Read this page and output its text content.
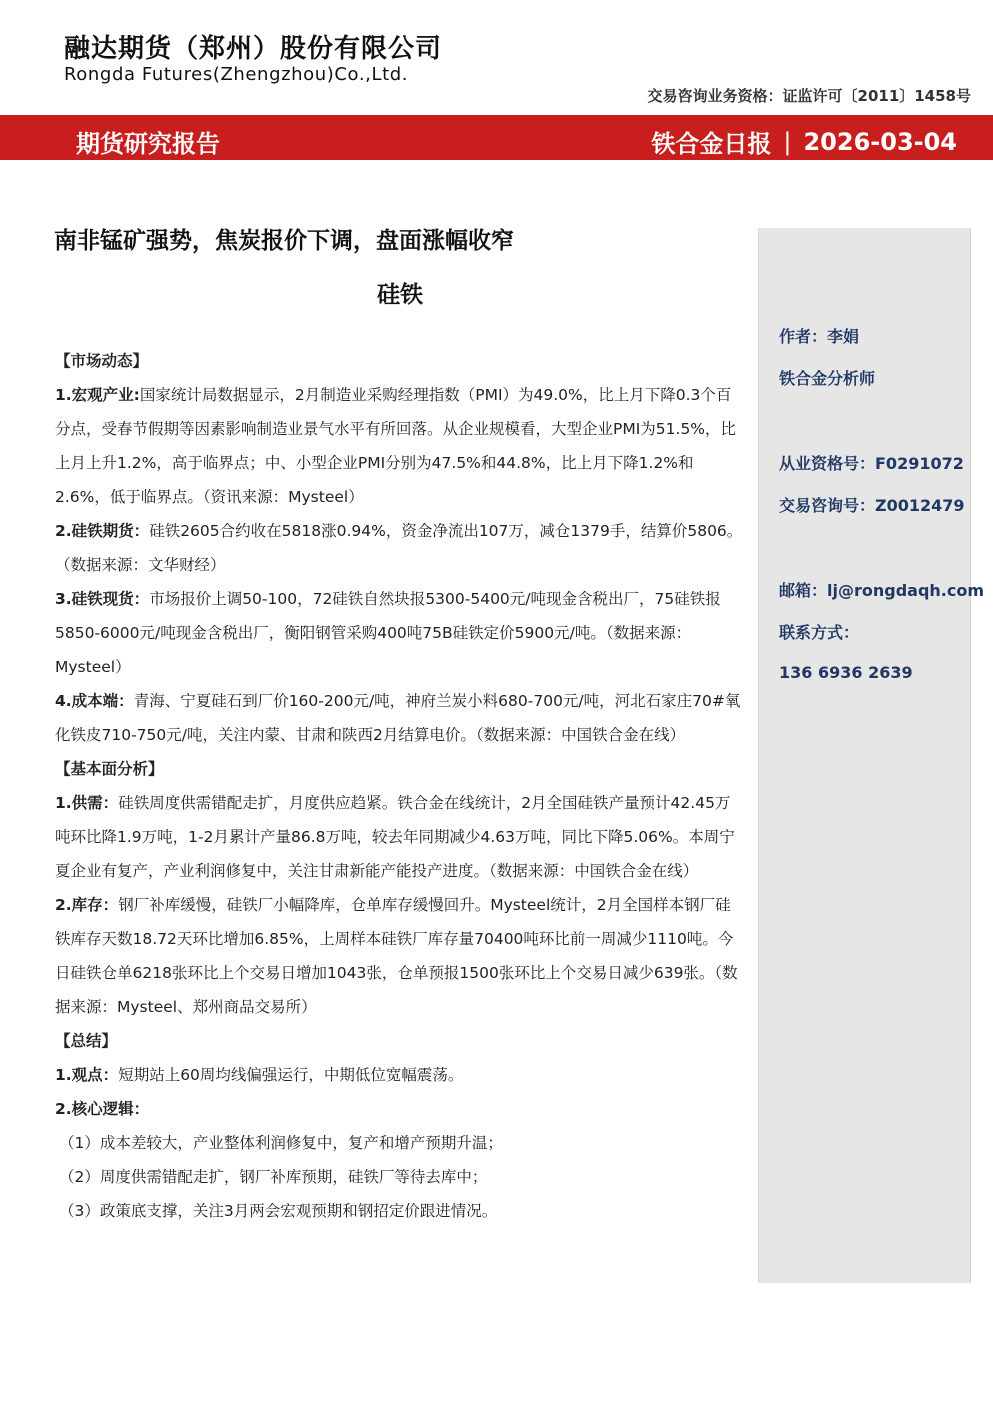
融达期货（郑州）股份有限公司
Rongda Futures(Zhengzhou)Co.,Ltd.
交易咨询业务资格：证监许可〔2011〕1458号
期货研究报告	铁合金日报 | 2026-03-04
南非锰矿强势，焦炭报价下调，盘面涨幅收窄
硅铁

【市场动态】

1.宏观产业:国家统计局数据显示，2月制造业采购经理指数（PMI）为49.0%，比上月下降0.3个百分点，受春节假期等因素影响制造业景气水平有所回落。从企业规模看，大型企业PMI为51.5%，比上月上升1.2%，高于临界点；中、小型企业PMI分别为47.5%和44.8%，比上月下降1.2%和2.6%，低于临界点。（资讯来源：Mysteel）

2.硅铁期货：硅铁2605合约收在5818涨0.94%，资金净流出107万，减仓1379手，结算价5806。（数据来源：文华财经）

3.硅铁现货：市场报价上调50-100，72硅铁自然块报5300-5400元/吨现金含税出厂，75硅铁报5850-6000元/吨现金含税出厂，衡阳钢管采购400吨75B硅铁定价5900元/吨。（数据来源：Mysteel）

4.成本端：青海、宁夏硅石到厂价160-200元/吨，神府兰炭小料680-700元/吨，河北石家庄70#氧化铁皮710-750元/吨，关注内蒙、甘肃和陕西2月结算电价。（数据来源：中国铁合金在线）

【基本面分析】

1.供需：硅铁周度供需错配走扩，月度供应趋紧。铁合金在线统计，2月全国硅铁产量预计42.45万吨环比降1.9万吨，1-2月累计产量86.8万吨，较去年同期减少4.63万吨，同比下降5.06%。本周宁夏企业有复产，产业利润修复中，关注甘肃新能产能投产进度。（数据来源：中国铁合金在线）

2.库存：钢厂补库缓慢，硅铁厂小幅降库，仓单库存缓慢回升。Mysteel统计，2月全国样本钢厂硅铁库存天数18.72天环比增加6.85%，上周样本硅铁厂库存量70400吨环比前一周减少1110吨。今日硅铁仓单6218张环比上个交易日增加1043张，仓单预报1500张环比上个交易日减少639张。（数据来源：Mysteel、郑州商品交易所）

【总结】

1.观点：短期站上60周均线偏强运行，中期低位宽幅震荡。

2.核心逻辑：

（1）成本差较大，产业整体利润修复中，复产和增产预期升温；

（2）周度供需错配走扩，钢厂补库预期，硅铁厂等待去库中；

（3）政策底支撑，关注3月两会宏观预期和钢招定价跟进情况。

作者：李娟
铁合金分析师
从业资格号：F0291072
交易咨询号：Z0012479
邮箱：lj@rongdaqh.com
联系方式：
136 6936 2639
